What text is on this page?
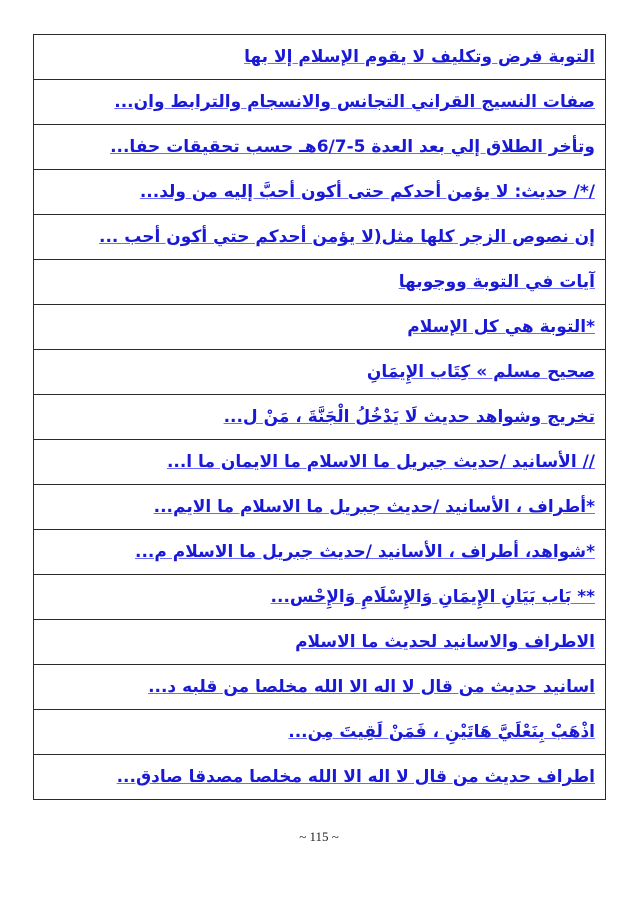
التوبة فرض وتكليف لا يقوم الإسلام إلا بها
صفات النسيج القراني التجانس والانسجام والترابط وان...
وتأخر الطلاق إلي بعد العدة 5-6/7هـ حسب تحقيقات حفا...
/*/ حديث: لا يؤمن أحدكم حتى أكون أحبَّ إليه من ولد...
إن نصوص الزجر كلها مثل(لا يؤمن أحدكم حتي أكون أحب ...
آيات في التوبة ووجوبها
*التوبة هي كل الإسلام
صحيح مسلم » كِتَاب الإِيمَانِ
تخريج وشواهد حديث لَا يَدْخُلُ الْجَنَّةَ ، مَنْ ل...
// الأسانيد /حديث جبريل ما الاسلام ما الايمان ما ا...
*أطراف ، الأسانيد /حديث جبريل ما الاسلام ما الايم...
*شواهد، أطراف ، الأسانيد /حديث جبريل ما الاسلام م...
** بَاب بَيَانِ الإِيمَانِ وَالإِسْلَامِ وَالإِحْس...
الاطراف والاسانيد لحديث ما الاسلام
اسانيد حديث من قال لا اله الا الله مخلصا من قلبه د...
اذْهَبْ بِنَعْلَيَّ هَاتَيْنِ ، فَمَنْ لَقِيتَ مِن...
اطراف حديث من قال لا اله الا الله مخلصا مصدقا صادق...
~ 115 ~
